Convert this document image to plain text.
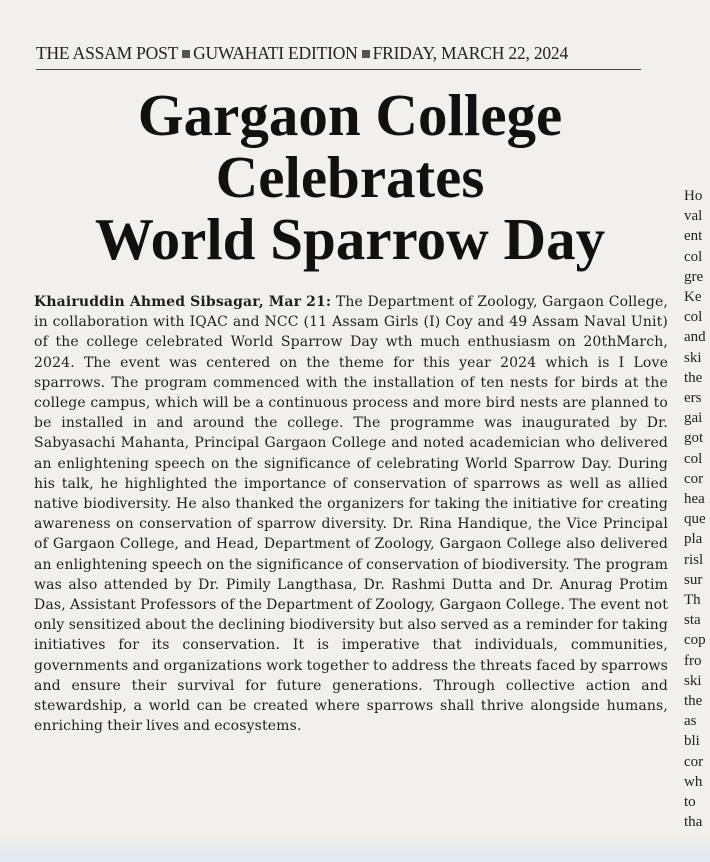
THE ASSAM POST GUWAHATI EDITION FRIDAY, MARCH 22, 2024
Gargaon College
Celebrates
World Sparrow Day

Khairuddin Ahmed Sibsagar, Mar 21: The Department of Zoology, Gargaon College, in collaboration with IQAC and NCC (11 Assam Girls (I) Coy and 49 Assam Naval Unit) of the college celebrated World Sparrow Day wth much enthusiasm on 20thMarch, 2024. The event was centered on the theme for this year 2024 which is I Love sparrows. The program commenced with the installation of ten nests for birds at the college campus, which will be a continuous process and more bird nests are planned to be installed in and around the college. The programme was inaugurated by Dr. Sabyasachi Mahanta, Principal Gargaon College and noted academician who delivered an enlightening speech on the significance of celebrating World Sparrow Day. During his talk, he highlighted the importance of conservation of sparrows as well as allied native biodiversity. He also thanked the organizers for taking the initiative for creating awareness on conservation of sparrow diversity. Dr. Rina Handique, the Vice Principal of Gargaon College, and Head, Department of Zoology, Gargaon College also delivered an enlightening speech on the significance of conservation of biodiversity. The program was also attended by Dr. Pimily Langthasa, Dr. Rashmi Dutta and Dr. Anurag Protim Das, Assistant Professors of the Department of Zoology, Gargaon College. The event not only sensitized about the declining biodiversity but also served as a reminder for taking initiatives for its conservation. It is imperative that individuals, communities, governments and organizations work together to address the threats faced by sparrows and ensure their survival for future generations. Through collective action and stewardship, a world can be created where sparrows shall thrive alongside humans, enriching their lives and ecosystems.

Ho
val
ent
col
gre
Ke
col
and
ski
the
ers
gai
got
col
cor
hea
que
pla
risl
sur
Th
sta
cop
fro
ski
the
as
bli
cor
wh
to
tha
